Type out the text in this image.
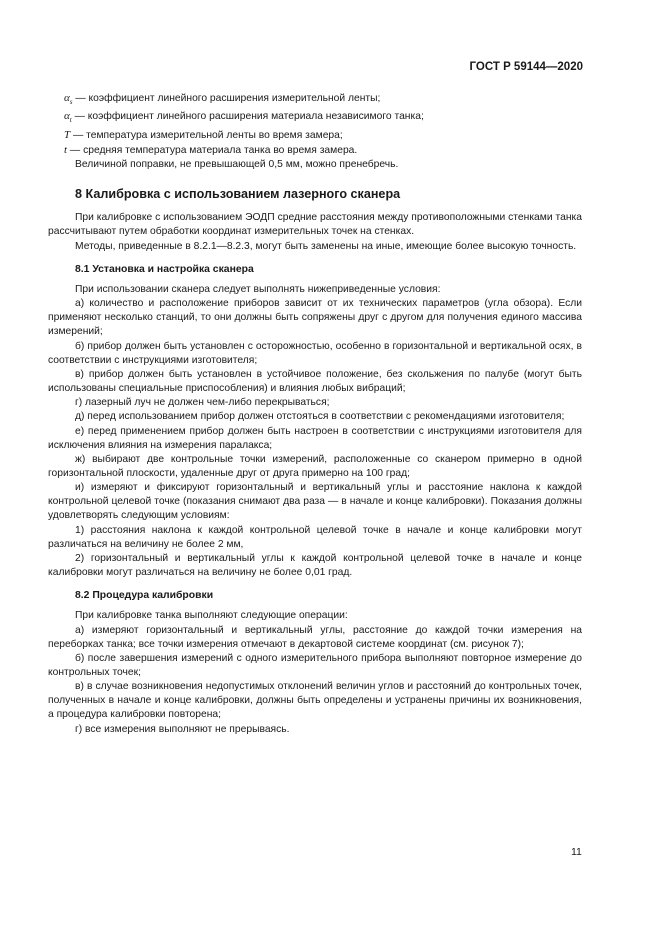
ГОСТ Р 59144—2020
$\alpha_s$ — коэффициент линейного расширения измерительной ленты;
$\alpha_t$ — коэффициент линейного расширения материала независимого танка;
T — температура измерительной ленты во время замера;
t — средняя температура материала танка во время замера.

Величиной поправки, не превышающей 0,5 мм, можно пренебречь.

8 Калибровка с использованием лазерного сканера

При калибровке с использованием ЭОДП средние расстояния между противоположными стенками танка рассчитывают путем обработки координат измерительных точек на стенках.

Методы, приведенные в 8.2.1—8.2.3, могут быть заменены на иные, имеющие более высокую точность.

8.1 Установка и настройка сканера

При использовании сканера следует выполнять нижеприведенные условия:

а) количество и расположение приборов зависит от их технических параметров (угла обзора). Если применяют несколько станций, то они должны быть сопряжены друг с другом для получения единого массива измерений;

б) прибор должен быть установлен с осторожностью, особенно в горизонтальной и вертикальной осях, в соответствии с инструкциями изготовителя;

в) прибор должен быть установлен в устойчивое положение, без скольжения по палубе (могут быть использованы специальные приспособления) и влияния любых вибраций;

г) лазерный луч не должен чем-либо перекрываться;

д) перед использованием прибор должен отстояться в соответствии с рекомендациями изготовителя;

е) перед применением прибор должен быть настроен в соответствии с инструкциями изготовителя для исключения влияния на измерения паралакса;

ж) выбирают две контрольные точки измерений, расположенные со сканером примерно в одной горизонтальной плоскости, удаленные друг от друга примерно на 100 град;

и) измеряют и фиксируют горизонтальный и вертикальный углы и расстояние наклона к каждой контрольной целевой точке (показания снимают два раза — в начале и конце калибровки). Показания должны удовлетворять следующим условиям:

1) расстояния наклона к каждой контрольной целевой точке в начале и конце калибровки могут различаться на величину не более 2 мм,

2) горизонтальный и вертикальный углы к каждой контрольной целевой точке в начале и конце калибровки могут различаться на величину не более 0,01 град.

8.2 Процедура калибровки

При калибровке танка выполняют следующие операции:

а) измеряют горизонтальный и вертикальный углы, расстояние до каждой точки измерения на переборках танка; все точки измерения отмечают в декартовой системе координат (см. рисунок 7);

б) после завершения измерений с одного измерительного прибора выполняют повторное измерение до контрольных точек;

в) в случае возникновения недопустимых отклонений величин углов и расстояний до контрольных точек, полученных в начале и конце калибровки, должны быть определены и устранены причины их возникновения, а процедура калибровки повторена;

г) все измерения выполняют не прерываясь.

11
